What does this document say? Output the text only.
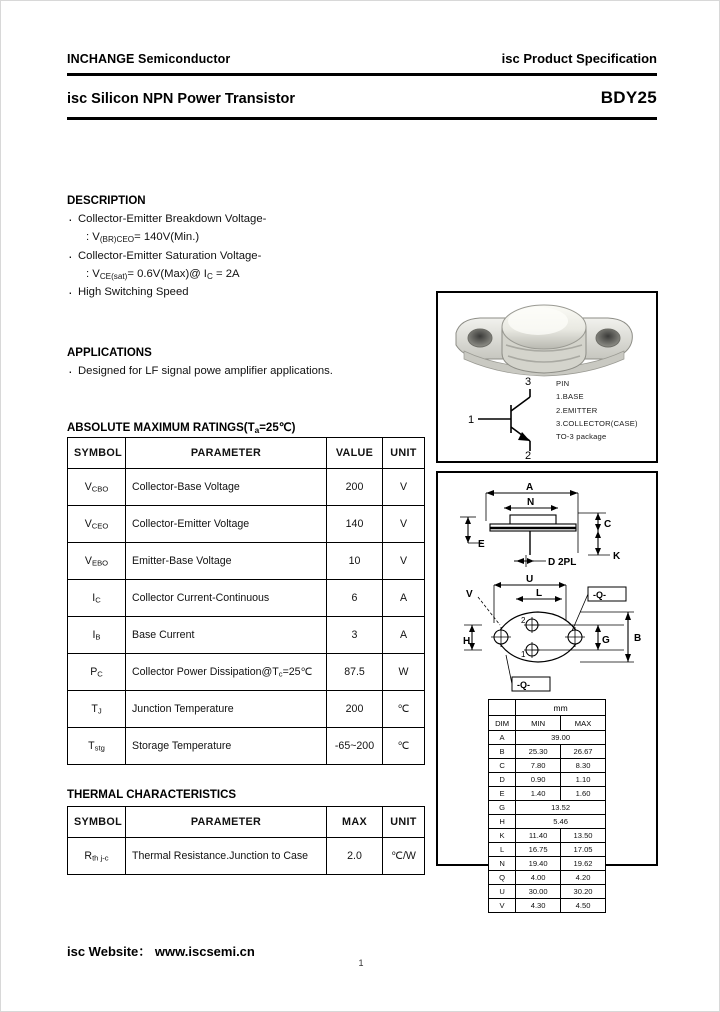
INCHANGE Semiconductor	isc Product Specification
isc Silicon NPN Power Transistor	BDY25
DESCRIPTION
· Collector-Emitter Breakdown Voltage-
: $V_{(BR)CEO}= 140V(Min.)$
· Collector-Emitter Saturation Voltage-
: $V_{CE(sat)}=$ 0.6V(Max)@ $I_C = 2A$
· High Switching Speed
APPLICATIONS
· Designed for LF signal powe amplifier applications.
ABSOLUTE MAXIMUM $RATINGS(T_a=25℃)$
SYMBOL	PARAMETER	VALUE	UNIT
$V_{CBO}$	Collector-Base Voltage	200	V
$V_{CEO}$	Collector-Emitter Voltage	140	V
$V_{EBO}$	Emitter-Base Voltage	10	V
$I_C$	Collector Current-Continuous	6	A
$I_B$	Base Current	3	A
$P_C$	Collector Power $Dissipation@T_c=25℃$	87.5	W
$T_J$	Junction Temperature	200	℃
$T_{stg}$	Storage Temperature	-65~200	℃
THERMAL CHARACTERISTICS
SYMBOL	PARAMETER	MAX	UNIT
$R_{th j-c}$	Thermal Resistance.Junction to Case	2.0	℃/W
1
3
2
PIN
1.BASE
2.EMITTER
3.COLLECTOR(CASE)
TO-3 package
A
N
C
K
E
D 2PL
U
L
2
1
G B
H
V	-Q-
-Q-
	mm	
DIM	MIN	MAX
A	39.00	
B	25.30	26.67
C	7.80	8.30
D	0.90	1.10
E	1.40	1.60
G	13.52	
H	5.46	
K	11.40	13.50
L	16.75	17.05
N	19.40	19.62
Q	4.00	4.20
U	30.00	30.20
V	4.30	4.50
isc Website： www.iscsemi.cn
1
